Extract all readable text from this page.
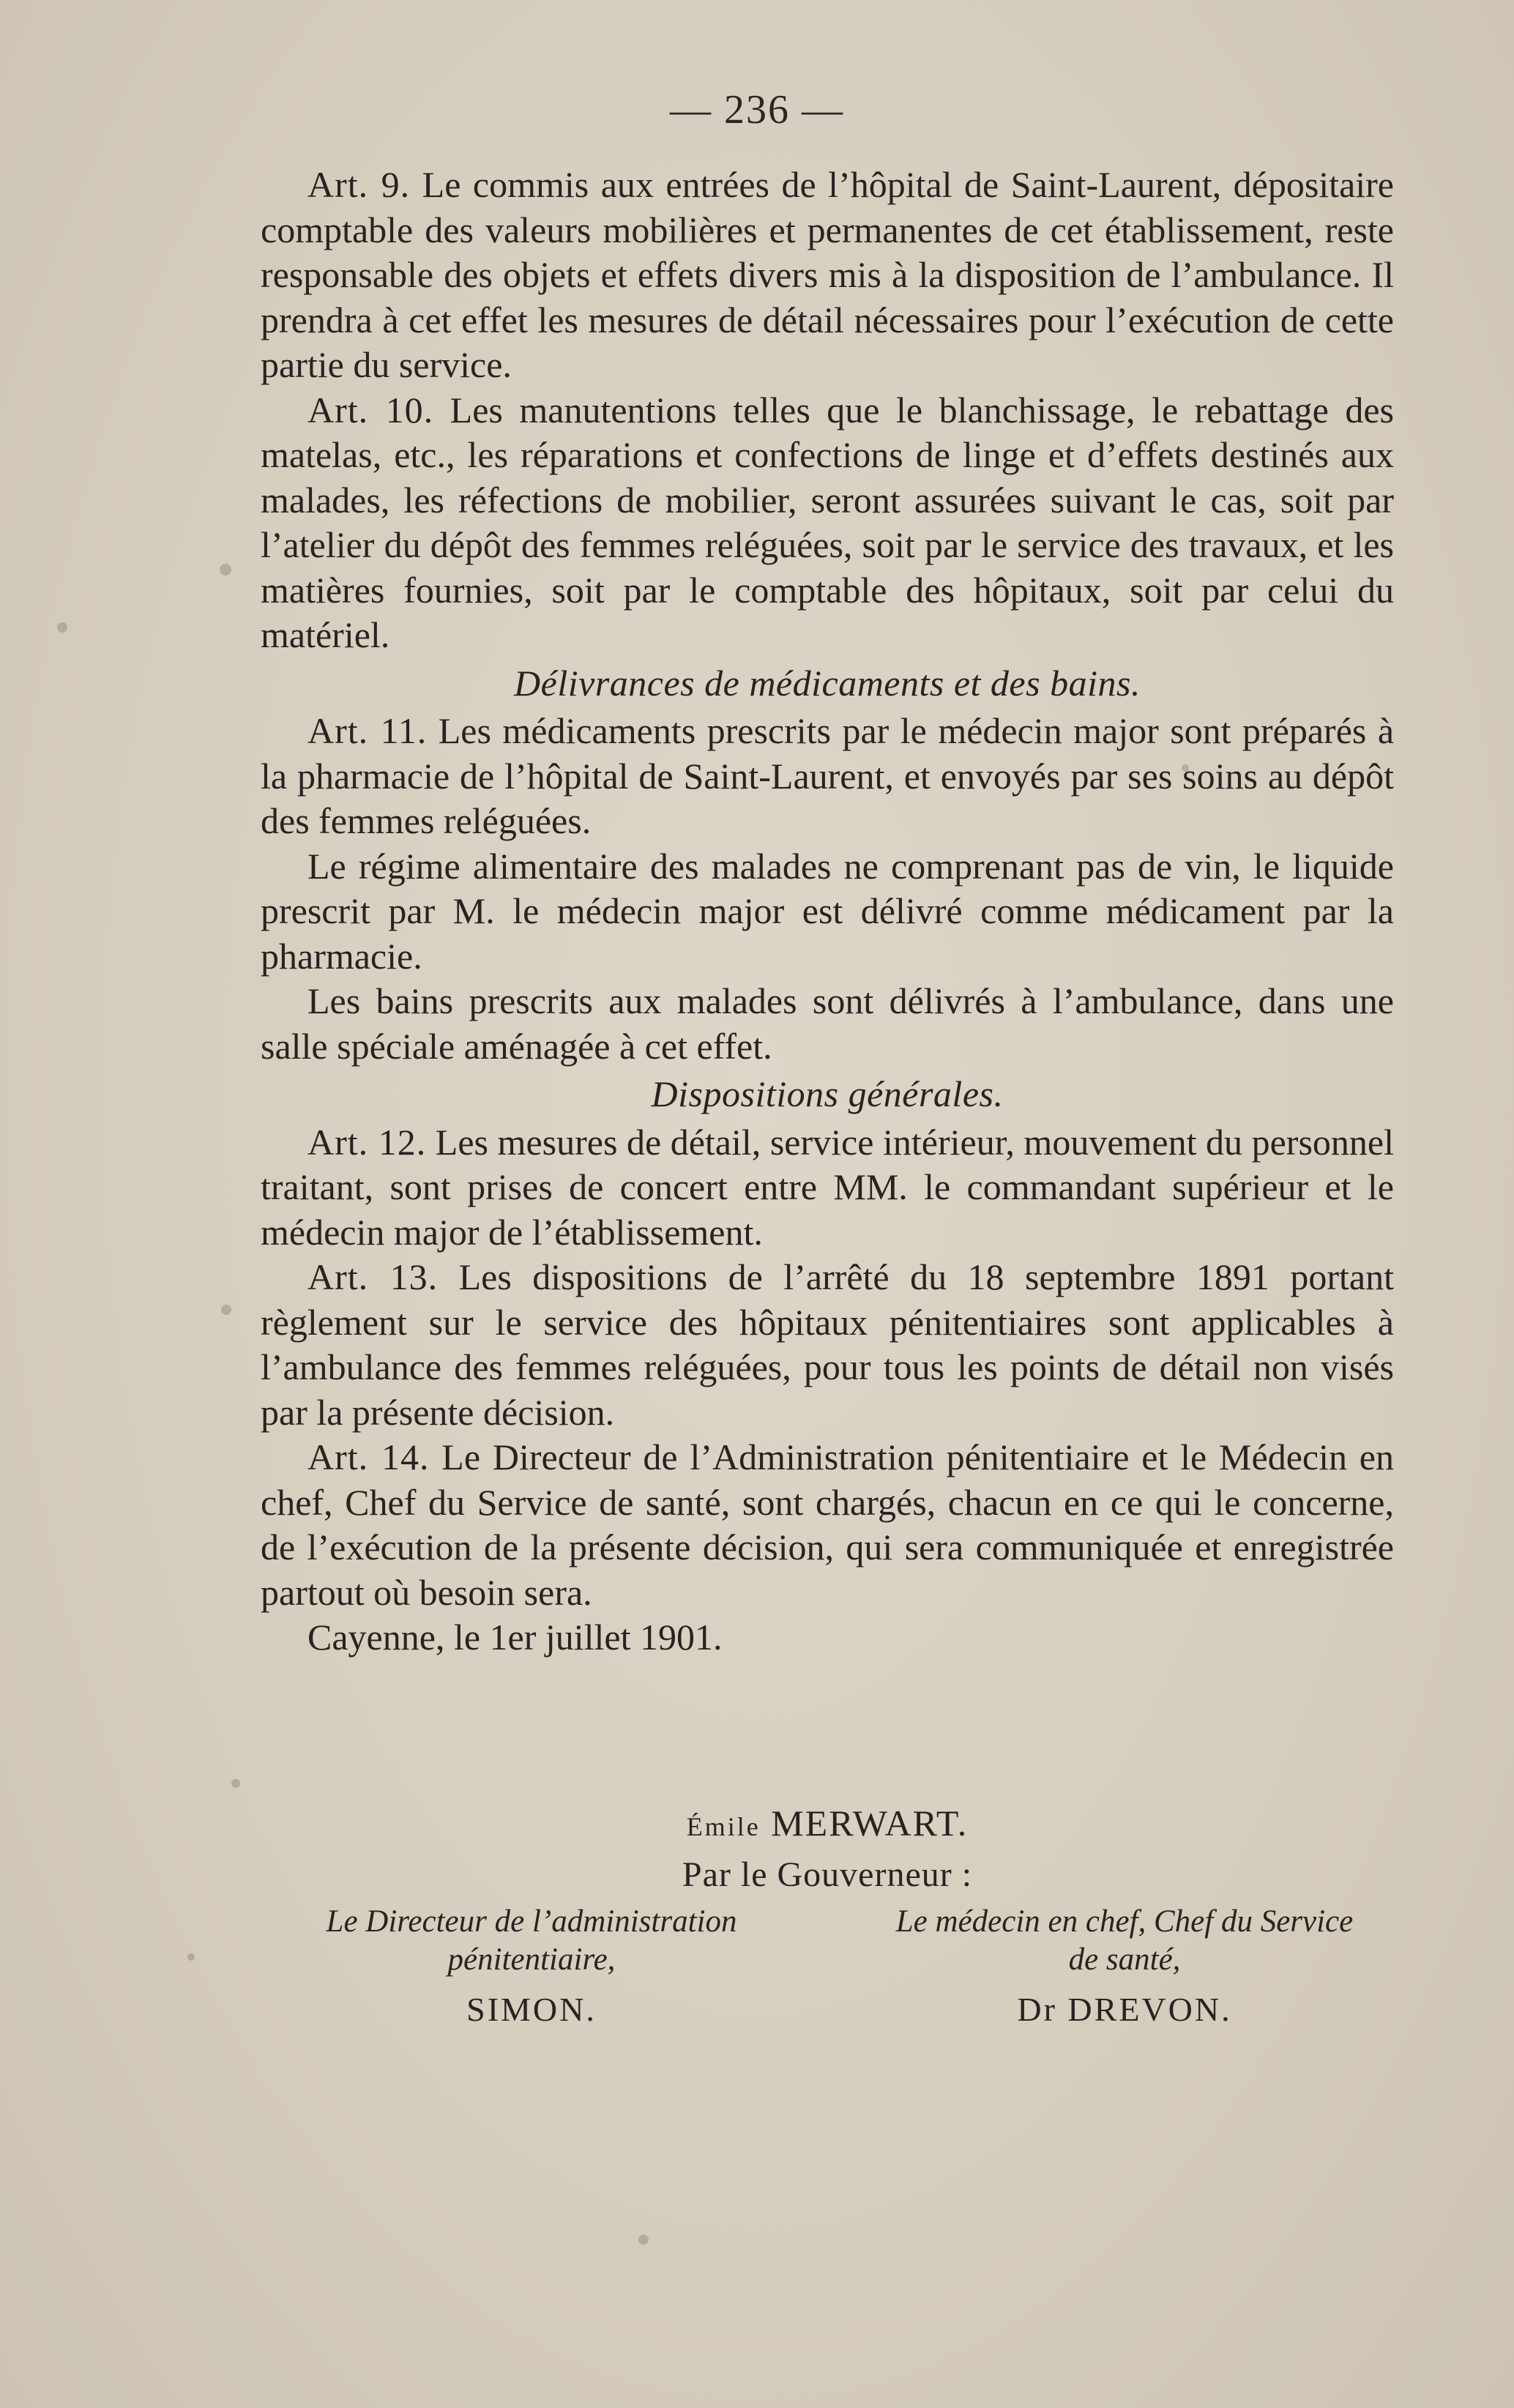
— 236 —

Art. 9. Le commis aux entrées de l’hôpital de Saint-Laurent, dépositaire comptable des valeurs mobilières et permanentes de cet établissement, reste responsable des objets et effets divers mis à la disposition de l’ambulance. Il prendra à cet effet les mesures de détail nécessaires pour l’exécution de cette partie du service.

Art. 10. Les manutentions telles que le blanchissage, le rebattage des matelas, etc., les réparations et confections de linge et d’effets destinés aux malades, les réfections de mobilier, seront assurées suivant le cas, soit par l’atelier du dépôt des femmes reléguées, soit par le service des travaux, et les matières fournies, soit par le comptable des hôpitaux, soit par celui du matériel.

Délivrances de médicaments et des bains.

Art. 11. Les médicaments prescrits par le médecin major sont préparés à la pharmacie de l’hôpital de Saint-Laurent, et envoyés par ses soins au dépôt des femmes reléguées.

Le régime alimentaire des malades ne comprenant pas de vin, le liquide prescrit par M. le médecin major est délivré comme médicament par la pharmacie.

Les bains prescrits aux malades sont délivrés à l’ambulance, dans une salle spéciale aménagée à cet effet.

Dispositions générales.

Art. 12. Les mesures de détail, service intérieur, mouvement du personnel traitant, sont prises de concert entre MM. le commandant supérieur et le médecin major de l’établissement.

Art. 13. Les dispositions de l’arrêté du 18 septembre 1891 portant règlement sur le service des hôpitaux pénitentiaires sont applicables à l’ambulance des femmes reléguées, pour tous les points de détail non visés par la présente décision.

Art. 14. Le Directeur de l’Administration pénitentiaire et le Médecin en chef, Chef du Service de santé, sont chargés, chacun en ce qui le concerne, de l’exécution de la présente décision, qui sera communiquée et enregistrée partout où besoin sera.

Cayenne, le 1er juillet 1901.

Émile MERWART.
Par le Gouverneur :
Le Directeur de l’administration
pénitentiaire,
SIMON.
Le médecin en chef, Chef du Service
de santé,
Dr DREVON.
